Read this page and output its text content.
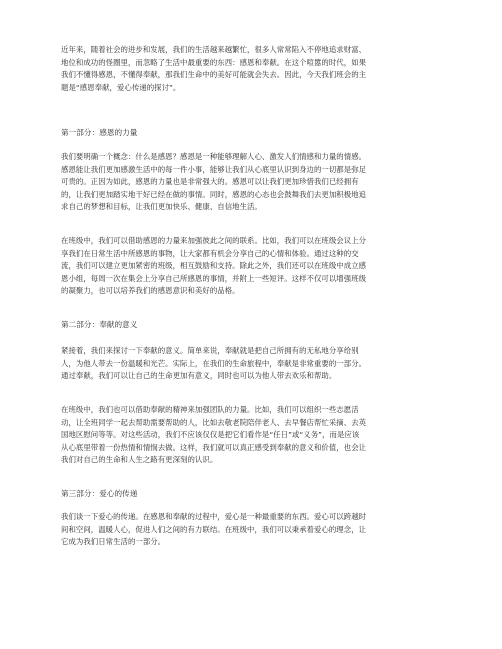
近年来，随着社会的进步和发展，我们的生活越来越繁忙，很多人常常陷入不停地追求财富、
地位和成功的怪圈里，而忽略了生活中最重要的东西：感恩和奉献。在这个喧嚣的时代，如果
我们不懂得感恩，不懂得奉献，那我们生命中的美好可能就会失去。因此，今天我们班会的主
题是“感恩奉献，爱心传递的探讨”。
第一部分：感恩的力量
我们要明确一个概念：什么是感恩？感恩是一种能够理解人心、激发人们情感和力量的情感。
感恩能让我们更加感激生活中的每一件小事，能够让我们从心底里认识到身边的一切都是弥足
可贵的。正因为如此，感恩的力量也是非常强大的。感恩可以让我们更加珍惜我们已经拥有
的，让我们更加踏实地干好已经在做的事情。同时，感恩的心态也会鼓舞我们去更加积极地追
求自己的梦想和目标，让我们更加快乐、健康、自信地生活。
在班级中，我们可以借助感恩的力量来加强彼此之间的联系。比如，我们可以在班级会议上分
享我们在日常生活中所感恩的事物，让大家都有机会分享自己的心情和体验。通过这种的交
流，我们可以建立更加紧密的班级，相互鼓励和支持。除此之外，我们还可以在班级中成立感
恩小组，每周一次在集会上分享自己所感恩的事情，并附上一些短评。这样不仅可以增强班级
的凝聚力，也可以培养我们的感恩意识和美好的品格。
第二部分：奉献的意义
紧接着，我们来探讨一下奉献的意义。简单来说，奉献就是把自己所拥有的无私地分享给别
人，为他人带去一份温暖和光芒。实际上，在我们的生命旅程中，奉献是非常重要的一部分。
通过奉献，我们可以让自己的生命更加有意义，同时也可以为他人带去欢乐和帮助。
在班级中，我们也可以借助奉献的精神来加强团队的力量。比如，我们可以组织一些志愿活
动，让全班同学一起去帮助需要帮助的人，比如去敬老院陪伴老人、去早餐店帮忙采摘、去英
国地区慰问等等。对这些活动，我们不应该仅仅是把它们看作是“任日”或“义务”，而是应该
从心底里带着一份热情和情悯去做。这样，我们就可以真正感受到奉献的意义和价值，也会让
我们对自己的生命和人生之路有更深刻的认识。
第三部分：爱心的传递
我们谈一下爱心的传递。在感恩和奉献的过程中，爱心是一种最重要的东西。爱心可以跨越时
间和空间，温暖人心，促进人们之间的有力联结。在班级中，我们可以秉承着爱心的理念，让
它成为我们日常生活的一部分。
